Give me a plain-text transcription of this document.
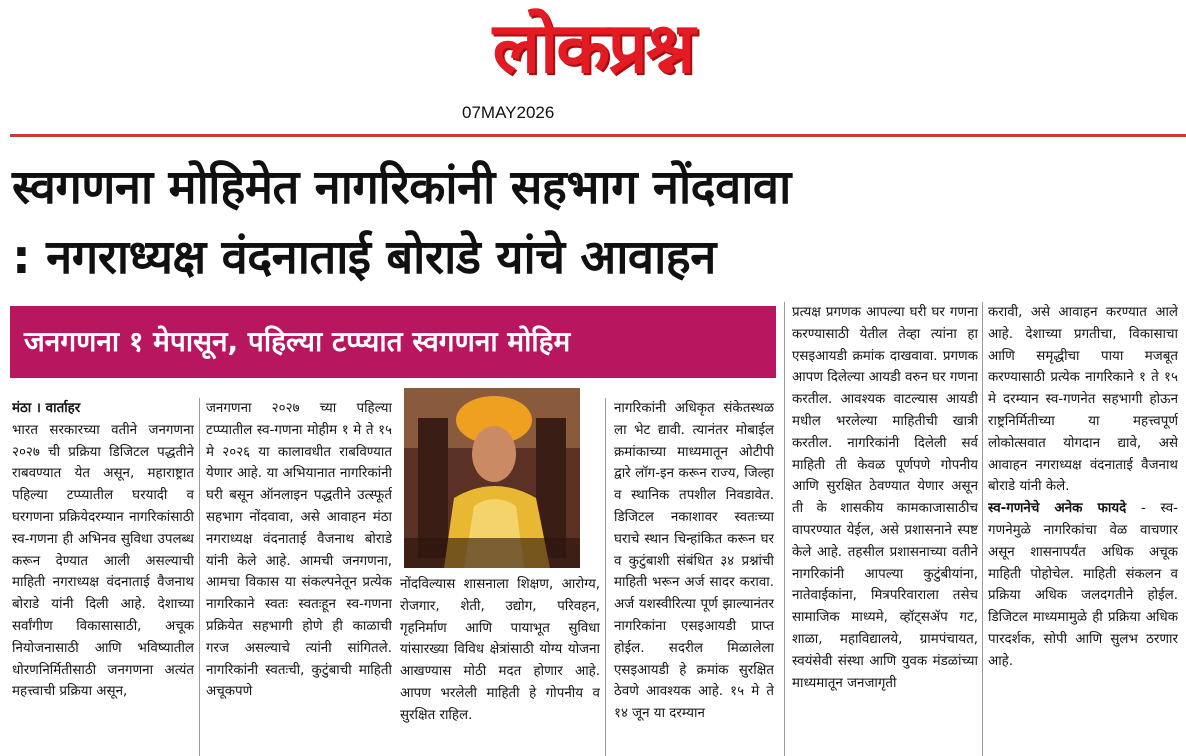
लोकप्रश्न
07MAY2026
स्वगणना मोहिमेत नागरिकांनी सहभाग नोंदवावा
: नगराध्यक्ष वंदनाताई बोराडे यांचे आवाहन
जनगणना १ मेपासून, पहिल्या टप्प्यात स्वगणना मोहिम

मंठा । वार्ताहर

भारत सरकारच्या वतीने जनगणना २०२७ ची प्रक्रिया डिजिटल पद्धतीने राबवण्यात येत असून, महाराष्ट्रात पहिल्या टप्प्यातील घरयादी व घरगणना प्रक्रियेदरम्यान नागरिकांसाठी स्व-गणना ही अभिनव सुविधा उपलब्ध करून देण्यात आली असल्याची माहिती नगराध्यक्ष वंदनाताई वैजनाथ बोराडे यांनी दिली आहे. देशाच्या सर्वांगीण विकासासाठी, अचूक नियोजनासाठी आणि भविष्यातील धोरणनिर्मितीसाठी जनगणना अत्यंत महत्त्वाची प्रक्रिया असून,

जनगणना २०२७ च्या पहिल्या टप्प्यातील स्व-गणना मोहीम १ मे ते १५ मे २०२६ या कालावधीत राबविण्यात येणार आहे. या अभियानात नागरिकांनी घरी बसून ऑनलाइन पद्धतीने उत्स्फूर्त सहभाग नोंदवावा, असे आवाहन मंठा नगराध्यक्ष वंदनाताई वैजनाथ बोराडे यांनी केले आहे. आमची जनगणना, आमचा विकास या संकल्पनेतून प्रत्येक नागरिकाने स्वतः स्वतःहून स्व-गणना प्रक्रियेत सहभागी होणे ही काळाची गरज असल्याचे त्यांनी सांगितले. नागरिकांनी स्वतःची, कुटुंबाची माहिती अचूकपणे

नोंदविल्यास शासनाला शिक्षण, आरोग्य, रोजगार, शेती, उद्योग, परिवहन, गृहनिर्माण आणि पायाभूत सुविधा यांसारख्या विविध क्षेत्रांसाठी योग्य योजना आखण्यास मोठी मदत होणार आहे. आपण भरलेली माहिती हे गोपनीय व सुरक्षित राहिल.

नागरिकांनी अधिकृत संकेतस्थळ ला भेट द्यावी. त्यानंतर मोबाईल क्रमांकाच्या माध्यमातून ओटीपी द्वारे लॉग-इन करून राज्य, जिल्हा व स्थानिक तपशील निवडावेत. डिजिटल नकाशावर स्वतःच्या घराचे स्थान चिन्हांकित करून घर व कुटुंबाशी संबंधित ३४ प्रश्नांची माहिती भरून अर्ज सादर करावा. अर्ज यशस्वीरित्या पूर्ण झाल्यानंतर नागरिकांना एसइआयडी प्राप्त होईल. सदरील मिळालेला एसइआयडी हे क्रमांक सुरक्षित ठेवणे आवश्यक आहे. १५ मे ते १४ जून या दरम्यान

प्रत्यक्ष प्रगणक आपल्या घरी घर गणना करण्यासाठी येतील तेव्हा त्यांना हा एसइआयडी क्रमांक दाखवावा. प्रगणक आपण दिलेल्या आयडी वरुन घर गणना करतील. आवश्यक वाटल्यास आयडी मधील भरलेल्या माहितीची खात्री करतील. नागरिकांनी दिलेली सर्व माहिती ती केवळ पूर्णपणे गोपनीय आणि सुरक्षित ठेवण्यात येणार असून ती के शासकीय कामकाजासाठीच वापरण्यात येईल, असे प्रशासनाने स्पष्ट केले आहे. तहसील प्रशासनाच्या वतीने नागरिकांनी आपल्या कुटुंबीयांना, नातेवाईकांना, मित्रपरिवाराला तसेच सामाजिक माध्यमे, व्हॉट्सॲप गट, शाळा, महाविद्यालये, ग्रामपंचायत, स्वयंसेवी संस्था आणि युवक मंडळांच्या माध्यमातून जनजागृती

करावी, असे आवाहन करण्यात आले आहे. देशाच्या प्रगतीचा, विकासाचा आणि समृद्धीचा पाया मजबूत करण्यासाठी प्रत्येक नागरिकाने १ ते १५ मे दरम्यान स्व-गणनेत सहभागी होऊन राष्ट्रनिर्मितीच्या या महत्त्वपूर्ण लोकोत्सवात योगदान द्यावे, असे आवाहन नगराध्यक्ष वंदनाताई वैजनाथ बोराडे यांनी केले.

स्व-गणनेचे अनेक फायदे - स्व-गणनेमुळे नागरिकांचा वेळ वाचणार असून शासनापर्यंत अधिक अचूक माहिती पोहोचेल. माहिती संकलन व प्रक्रिया अधिक जलदगतीने होईल. डिजिटल माध्यमामुळे ही प्रक्रिया अधिक पारदर्शक, सोपी आणि सुलभ ठरणार आहे.
